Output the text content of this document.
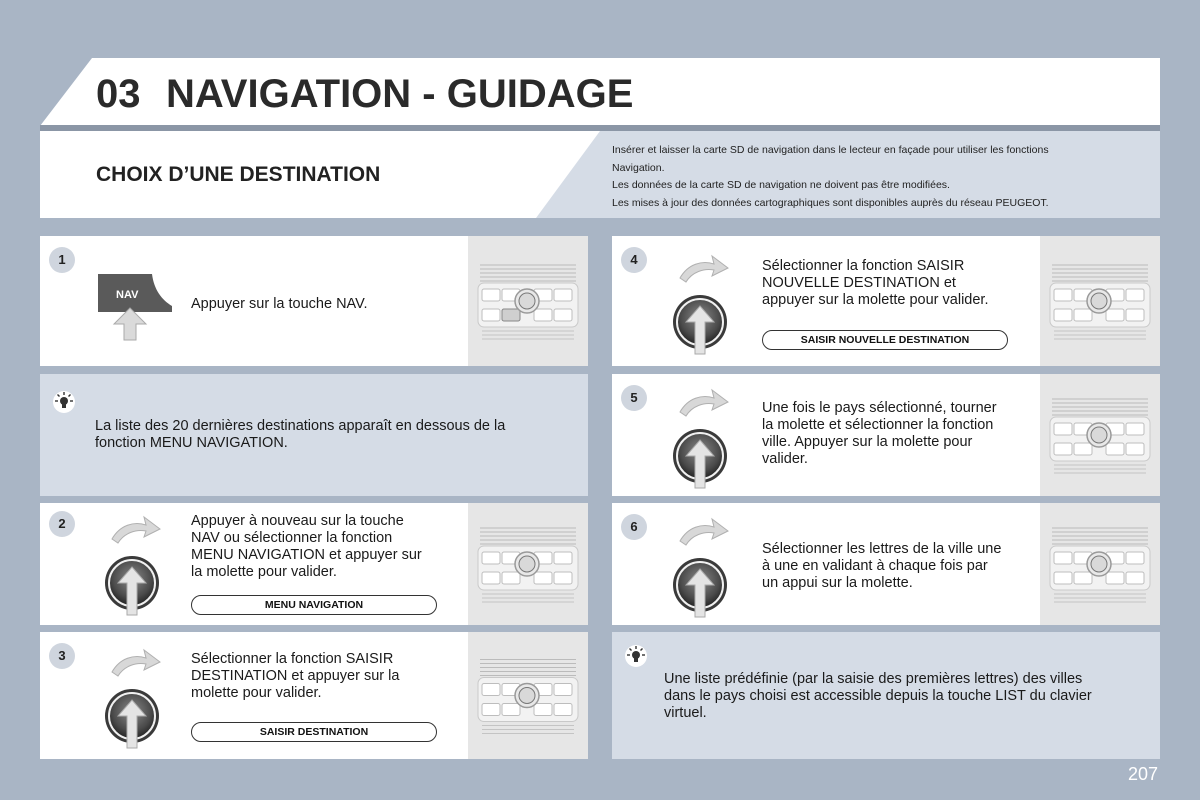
03 NAVIGATION - GUIDAGE
CHOIX D’UNE DESTINATION
Insérer et laisser la carte SD de navigation dans le lecteur en façade pour utiliser les fonctions
Navigation.
Les données de la carte SD de navigation ne doivent pas être modifiées.
Les mises à jour des données cartographiques sont disponibles auprès du réseau PEUGEOT.
1
NAV
Appuyer sur la touche NAV.
La liste des 20 dernières destinations apparaît en dessous de la
fonction MENU NAVIGATION.
2	Appuyer à nouveau sur la touche
NAV ou sélectionner la fonction
MENU NAVIGATION et appuyer sur
la molette pour valider.
MENU NAVIGATION
3	Sélectionner la fonction SAISIR
DESTINATION et appuyer sur la
molette pour valider.
SAISIR DESTINATION
4	Sélectionner la fonction SAISIR
NOUVELLE DESTINATION et
appuyer sur la molette pour valider.
SAISIR NOUVELLE DESTINATION
5
Une fois le pays sélectionné, tourner
la molette et sélectionner la fonction
ville. Appuyer sur la molette pour
valider.
6
Sélectionner les lettres de la ville une
à une en validant à chaque fois par
un appui sur la molette.
Une liste prédéfinie (par la saisie des premières lettres) des villes
dans le pays choisi est accessible depuis la touche LIST du clavier
virtuel.
207
